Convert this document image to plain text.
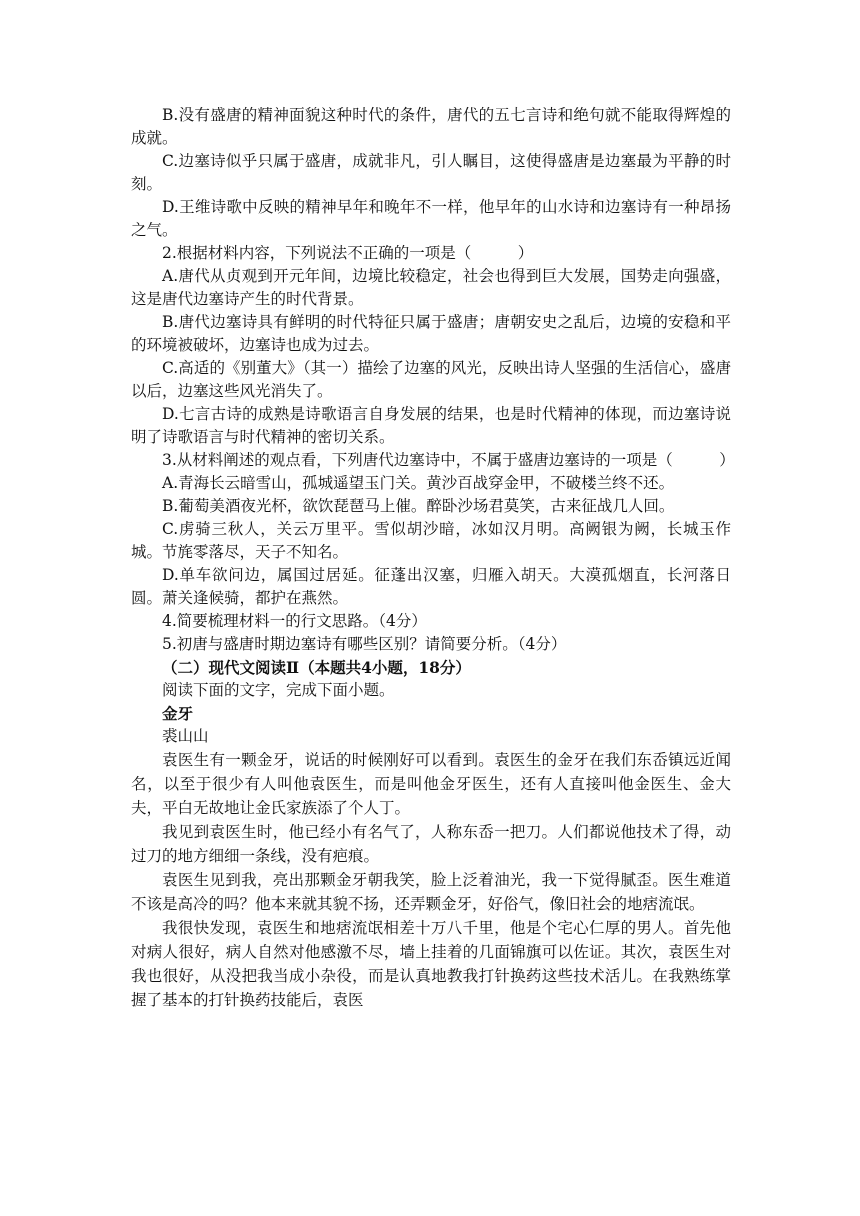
B.没有盛唐的精神面貌这种时代的条件，唐代的五七言诗和绝句就不能取得辉煌的成就。

C.边塞诗似乎只属于盛唐，成就非凡，引人瞩目，这使得盛唐是边塞最为平静的时刻。

D.王维诗歌中反映的精神早年和晚年不一样，他早年的山水诗和边塞诗有一种昂扬之气。

2.根据材料内容，下列说法不正确的一项是（　　　）

A.唐代从贞观到开元年间，边境比较稳定，社会也得到巨大发展，国势走向强盛，这是唐代边塞诗产生的时代背景。

B.唐代边塞诗具有鲜明的时代特征只属于盛唐；唐朝安史之乱后，边境的安稳和平的环境被破坏，边塞诗也成为过去。

C.高适的《别董大》（其一）描绘了边塞的风光，反映出诗人坚强的生活信心，盛唐以后，边塞这些风光消失了。

D.七言古诗的成熟是诗歌语言自身发展的结果，也是时代精神的体现，而边塞诗说明了诗歌语言与时代精神的密切关系。

3.从材料阐述的观点看，下列唐代边塞诗中，不属于盛唐边塞诗的一项是（　　　）

A.青海长云暗雪山，孤城遥望玉门关。黄沙百战穿金甲，不破楼兰终不还。

B.葡萄美酒夜光杯，欲饮琵琶马上催。醉卧沙场君莫笑，古来征战几人回。

C.虏骑三秋人，关云万里平。雪似胡沙暗，冰如汉月明。高阙银为阙，长城玉作城。节旄零落尽，天子不知名。

D.单车欲问边，属国过居延。征蓬出汉塞，归雁入胡天。大漠孤烟直，长河落日圆。萧关逢候骑，都护在燕然。

4.简要梳理材料一的行文思路。（4分）

5.初唐与盛唐时期边塞诗有哪些区别？请简要分析。（4分）

（二）现代文阅读Ⅱ（本题共4小题，18分）

阅读下面的文字，完成下面小题。

金牙

裘山山

袁医生有一颗金牙，说话的时候刚好可以看到。袁医生的金牙在我们东岙镇远近闻名，以至于很少有人叫他袁医生，而是叫他金牙医生，还有人直接叫他金医生、金大夫，平白无故地让金氏家族添了个人丁。

我见到袁医生时，他已经小有名气了，人称东岙一把刀。人们都说他技术了得，动过刀的地方细细一条线，没有疤痕。

袁医生见到我，亮出那颗金牙朝我笑，脸上泛着油光，我一下觉得腻歪。医生难道不该是高冷的吗？他本来就其貌不扬，还弄颗金牙，好俗气，像旧社会的地痞流氓。

我很快发现，袁医生和地痞流氓相差十万八千里，他是个宅心仁厚的男人。首先他对病人很好，病人自然对他感激不尽，墙上挂着的几面锦旗可以佐证。其次，袁医生对我也很好，从没把我当成小杂役，而是认真地教我打针换药这些技术活儿。在我熟练掌握了基本的打针换药技能后，袁医
